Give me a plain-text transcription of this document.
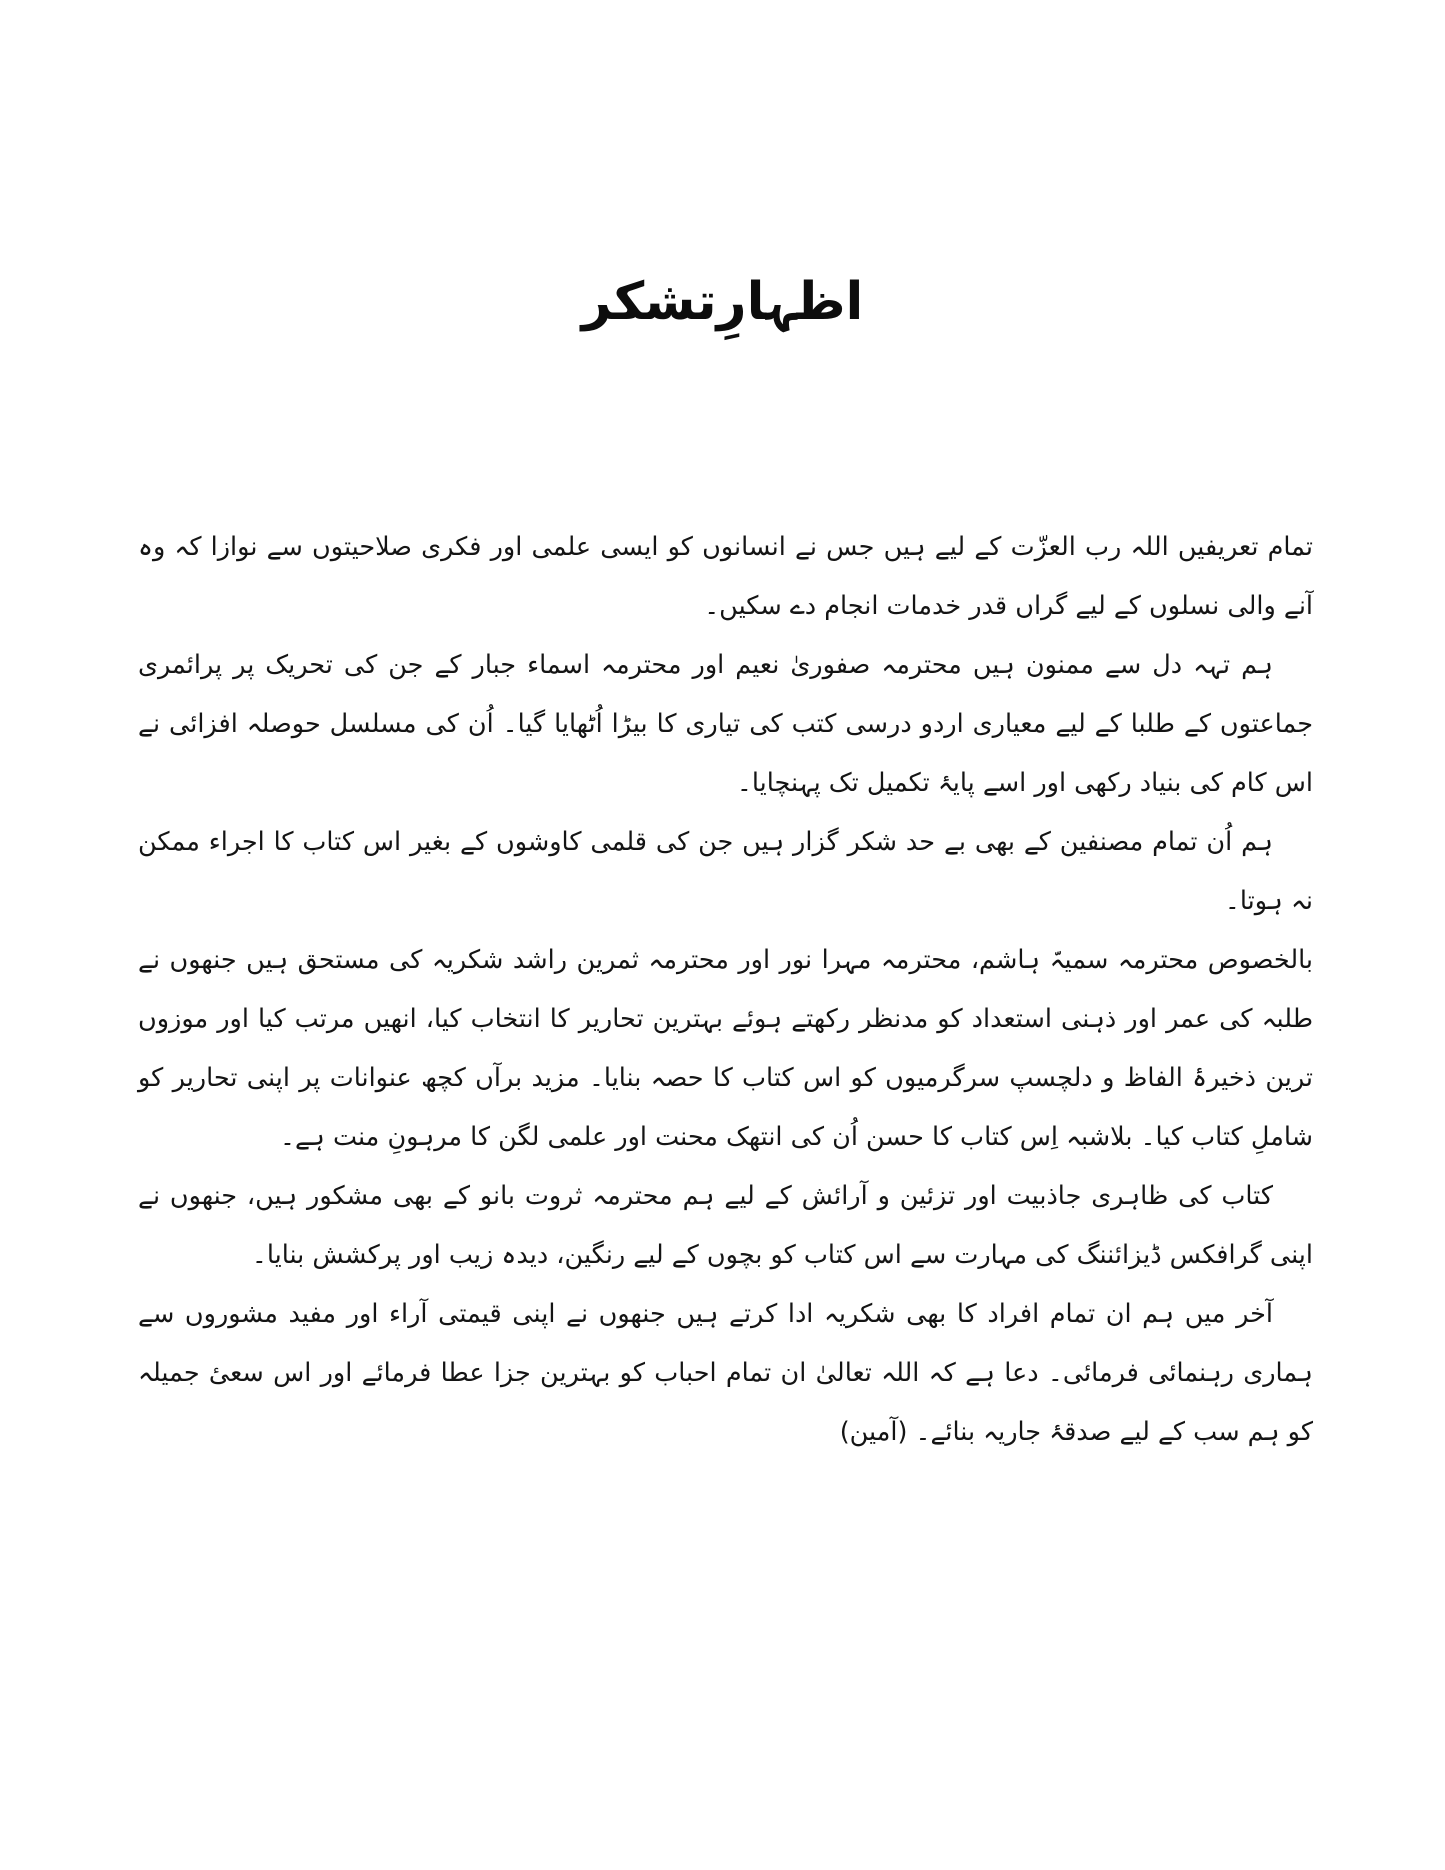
اظہارِتشکر

تمام تعریفیں اللہ رب العزّت کے لیے ہیں جس نے انسانوں کو ایسی علمی اور فکری صلاحیتوں سے نوازا کہ وہ آنے والی نسلوں کے لیے گراں قدر خدمات انجام دے سکیں۔

ہم تہہ دل سے ممنون ہیں محترمہ صفوریٰ نعیم اور محترمہ اسماء جبار کے جن کی تحریک پر پرائمری جماعتوں کے طلبا کے لیے معیاری اردو درسی کتب کی تیاری کا بیڑا اُٹھایا گیا۔ اُن کی مسلسل حوصلہ افزائی نے اس کام کی بنیاد رکھی اور اسے پایۂ تکمیل تک پہنچایا۔

ہم اُن تمام مصنفین کے بھی بے حد شکر گزار ہیں جن کی قلمی کاوشوں کے بغیر اس کتاب کا اجراء ممکن نہ ہوتا۔

بالخصوص محترمہ سمیہّ ہاشم، محترمہ مہرا نور اور محترمہ ثمرین راشد شکریہ کی مستحق ہیں جنھوں نے طلبہ کی عمر اور ذہنی استعداد کو مدنظر رکھتے ہوئے بہترین تحاریر کا انتخاب کیا، انھیں مرتب کیا اور موزوں ترین ذخیرۂ الفاظ و دلچسپ سرگرمیوں کو اس کتاب کا حصہ بنایا۔ مزید برآں کچھ عنوانات پر اپنی تحاریر کو شاملِ کتاب کیا۔ بلاشبہ اِس کتاب کا حسن اُن کی انتھک محنت اور علمی لگن کا مرہونِ منت ہے۔

کتاب کی ظاہری جاذبیت اور تزئین و آرائش کے لیے ہم محترمہ ثروت بانو کے بھی مشکور ہیں، جنھوں نے اپنی گرافکس ڈیزائننگ کی مہارت سے اس کتاب کو بچوں کے لیے رنگین، دیدہ زیب اور پرکشش بنایا۔

آخر میں ہم ان تمام افراد کا بھی شکریہ ادا کرتے ہیں جنھوں نے اپنی قیمتی آراء اور مفید مشوروں سے ہماری رہنمائی فرمائی۔ دعا ہے کہ اللہ تعالیٰ ان تمام احباب کو بہترین جزا عطا فرمائے اور اس سعیٔ جمیلہ کو ہم سب کے لیے صدقۂ جاریہ بنائے۔ (آمین)
